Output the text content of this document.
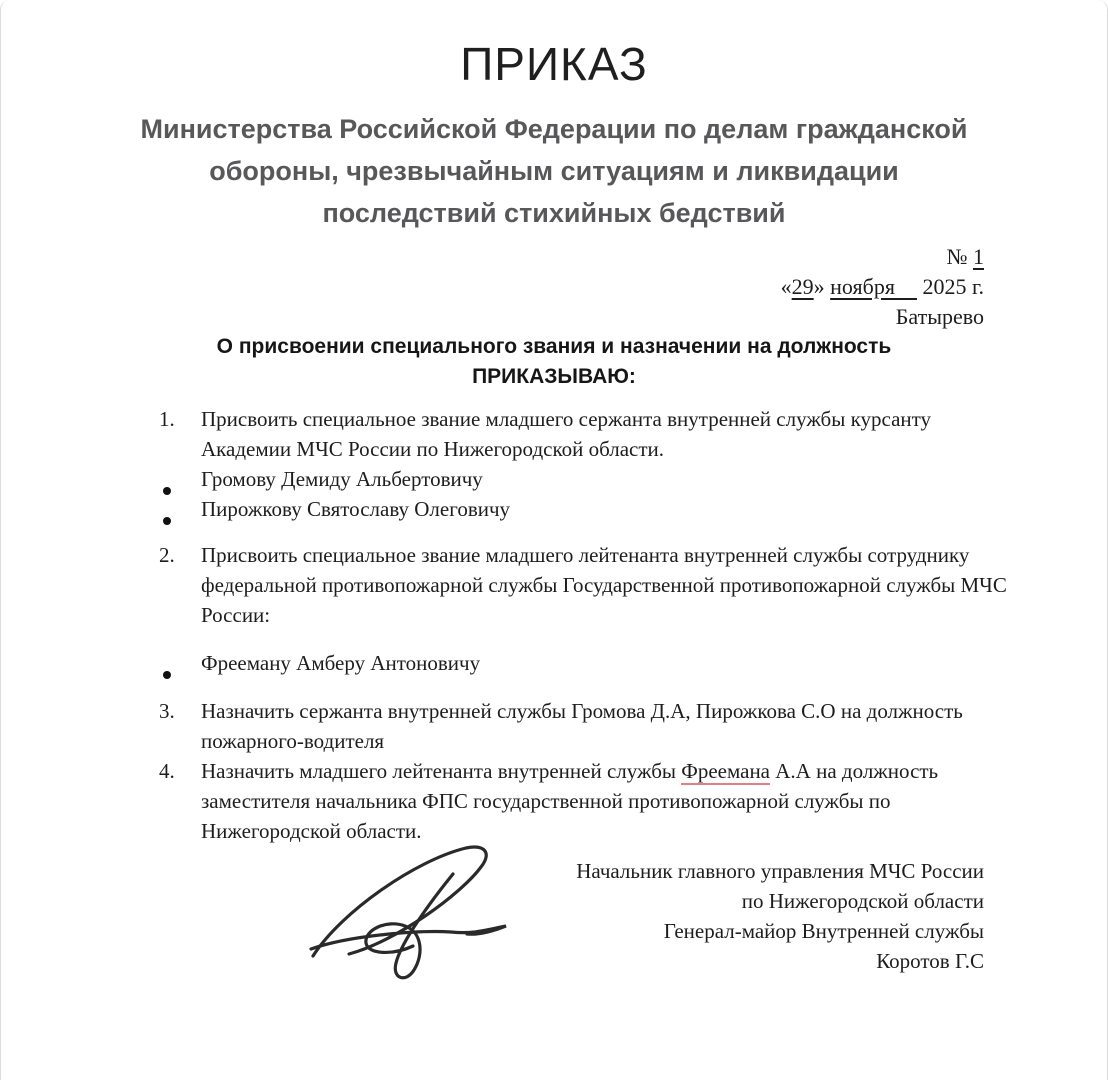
ПРИКАЗ
Министерства Российской Федерации по делам гражданской
обороны, чрезвычайным ситуациям и ликвидации
последствий стихийных бедствий
№ 1
«29» ноября     2025 г.
Батырево
О присвоении специального звания и назначении на должность
ПРИКАЗЫВАЮ:
1.	Присвоить специальное звание младшего сержанта внутренней службы курсанту
Академии МЧС России по Нижегородской области.
Громову Демиду Альбертовичу
Пирожкову Святославу Олеговичу
2.	Присвоить специальное звание младшего лейтенанта внутренней службы сотруднику
федеральной противопожарной службы Государственной противопожарной службы МЧС
России:
Фрееману Амберу Антоновичу
3.	Назначить сержанта внутренней службы Громова Д.А, Пирожкова С.О на должность
пожарного-водителя
4.	Назначить младшего лейтенанта внутренней службы Фреемана А.А на должность
заместителя начальника ФПС государственной противопожарной службы по
Нижегородской области.
Начальник главного управления МЧС России
по Нижегородской области
Генерал-майор Внутренней службы
Коротов Г.С
